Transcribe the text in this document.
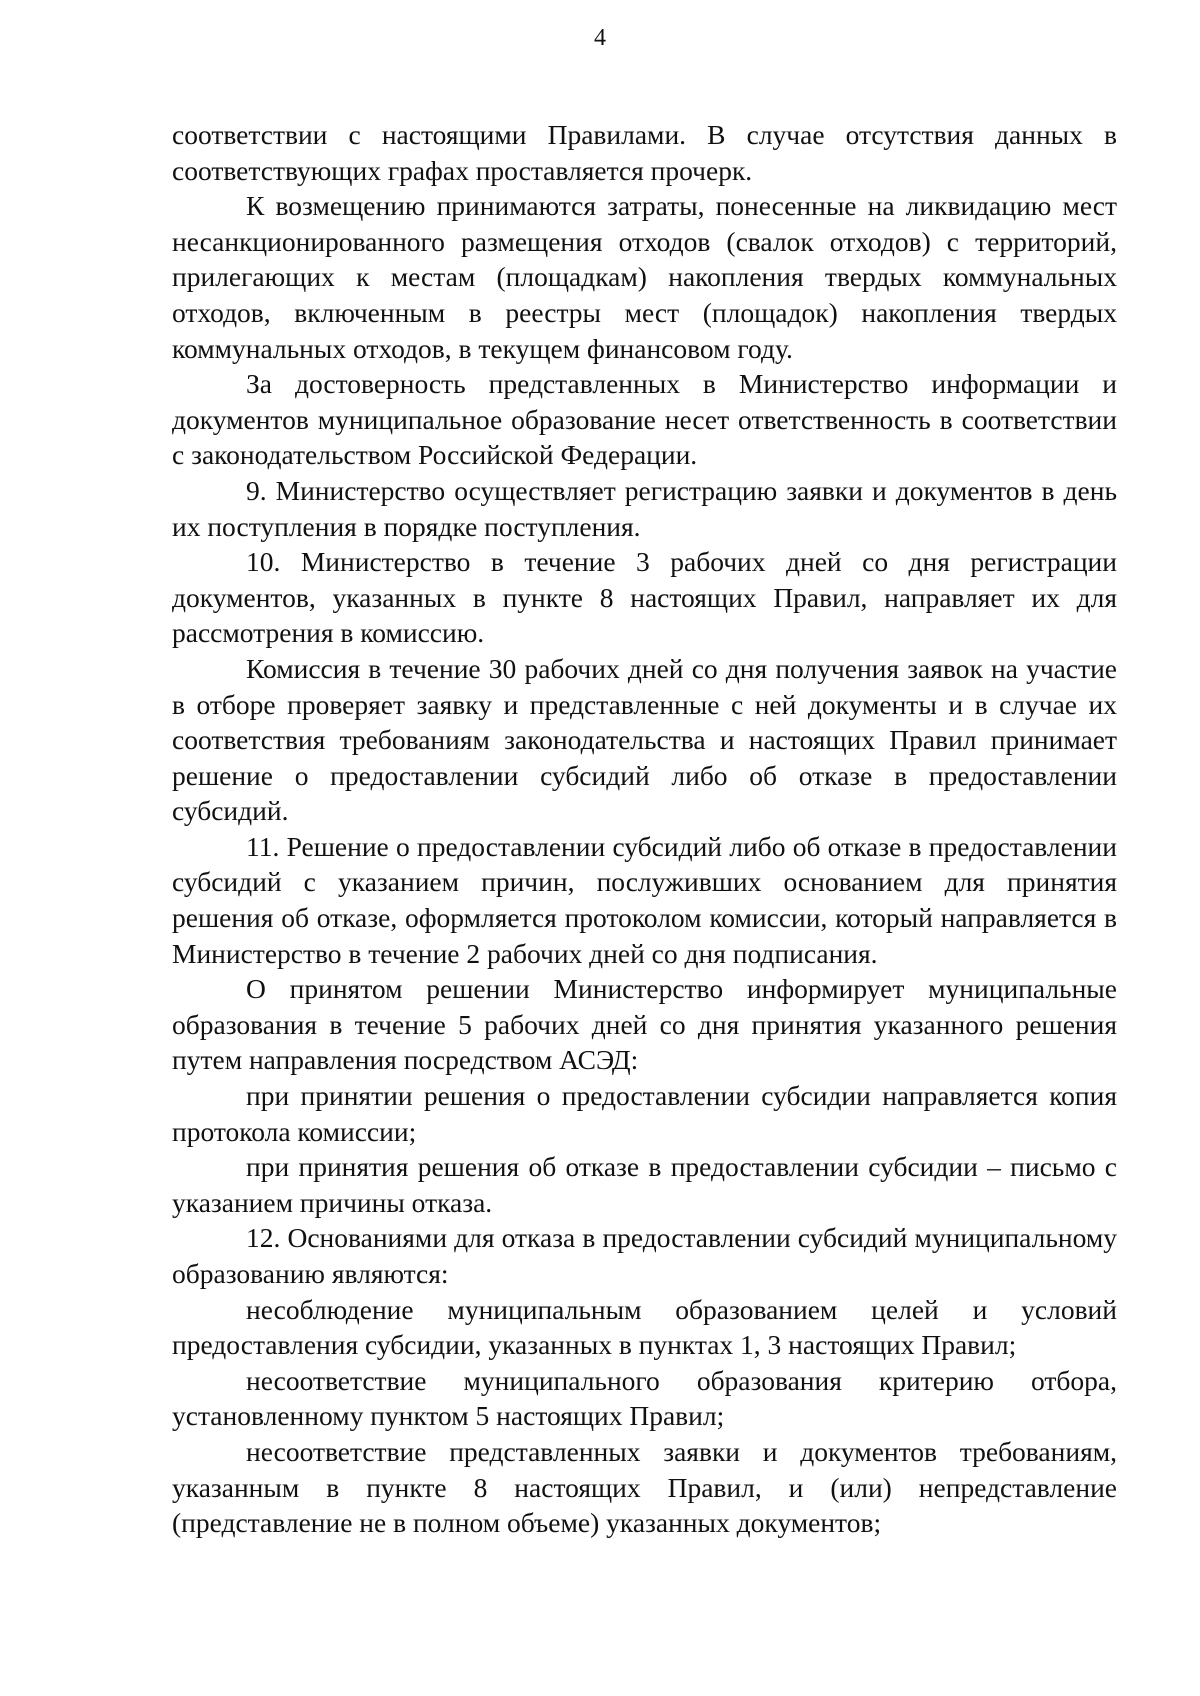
4

соответствии с настоящими Правилами. В случае отсутствия данных в соответствующих графах проставляется прочерк.

К возмещению принимаются затраты, понесенные на ликвидацию мест несанкционированного размещения отходов (свалок отходов) с территорий, прилегающих к местам (площадкам) накопления твердых коммунальных отходов, включенным в реестры мест (площадок) накопления твердых коммунальных отходов, в текущем финансовом году.

За достоверность представленных в Министерство информации и документов муниципальное образование несет ответственность в соответствии с законодательством Российской Федерации.

9. Министерство осуществляет регистрацию заявки и документов в день их поступления в порядке поступления.

10. Министерство в течение 3 рабочих дней со дня регистрации документов, указанных в пункте 8 настоящих Правил, направляет их для рассмотрения в комиссию.

Комиссия в течение 30 рабочих дней со дня получения заявок на участие в отборе проверяет заявку и представленные с ней документы и в случае их соответствия требованиям законодательства и настоящих Правил принимает решение о предоставлении субсидий либо об отказе в предоставлении субсидий.

11. Решение о предоставлении субсидий либо об отказе в предоставлении субсидий с указанием причин, послуживших основанием для принятия решения об отказе, оформляется протоколом комиссии, который направляется в Министерство в течение 2 рабочих дней со дня подписания.

О принятом решении Министерство информирует муниципальные образования в течение 5 рабочих дней со дня принятия указанного решения путем направления посредством АСЭД:

при принятии решения о предоставлении субсидии направляется копия протокола комиссии;

при принятия решения об отказе в предоставлении субсидии – письмо с указанием причины отказа.

12. Основаниями для отказа в предоставлении субсидий муниципальному образованию являются:

несоблюдение муниципальным образованием целей и условий предоставления субсидии, указанных в пунктах 1, 3 настоящих Правил;

несоответствие муниципального образования критерию отбора, установленному пунктом 5 настоящих Правил;

несоответствие представленных заявки и документов требованиям, указанным в пункте 8 настоящих Правил, и (или) непредставление (представление не в полном объеме) указанных документов;
